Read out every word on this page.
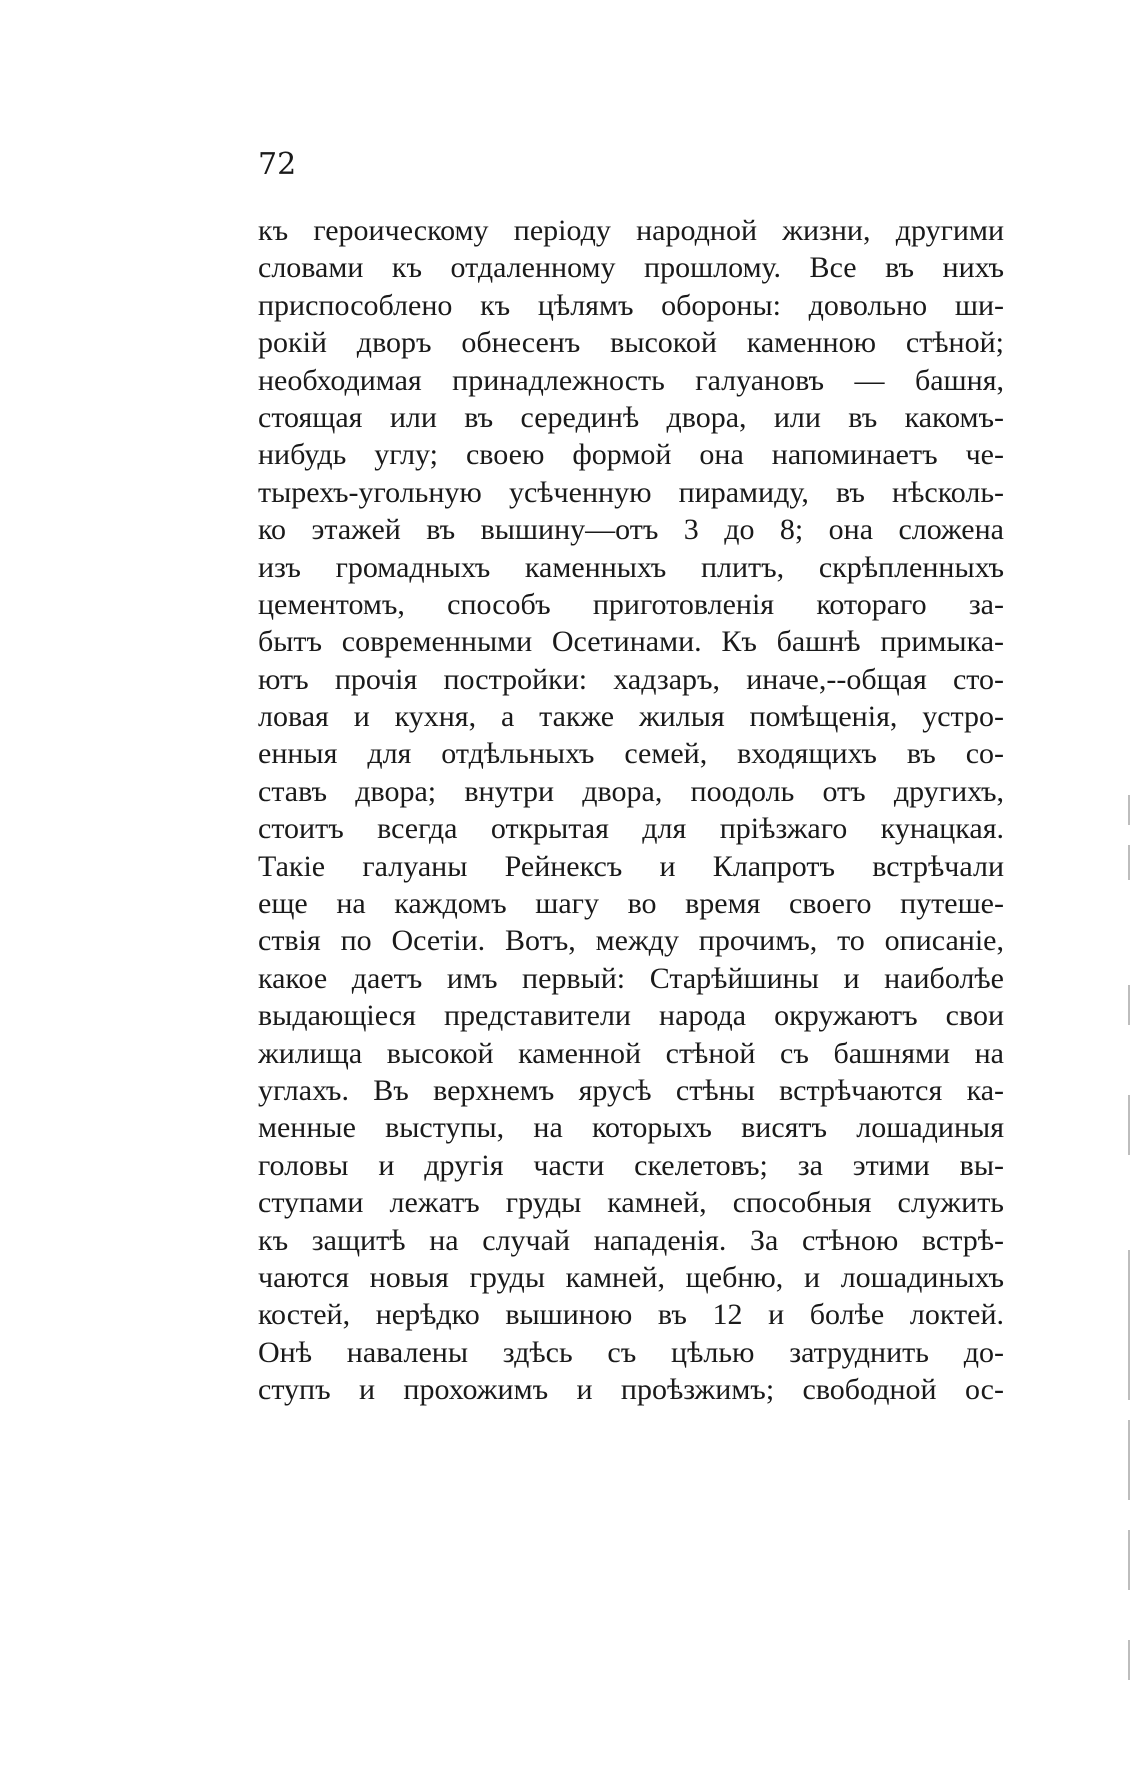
72
къ героическому періоду народной жизни, другими
словами къ отдаленному прошлому. Все въ нихъ
приспособлено къ цѣлямъ обороны: довольно ши-
рокій дворъ обнесенъ высокой каменною стѣной;
необходимая принадлежность галуановъ — башня,
стоящая или въ серединѣ двора, или въ какомъ-
нибудь углу; своею формой она напоминаетъ че-
тырехъ-угольную усѣченную пирамиду, въ нѣсколь-
ко этажей въ вышину—отъ 3 до 8; она сложена
изъ громадныхъ каменныхъ плитъ, скрѣпленныхъ
цементомъ, способъ приготовленія котораго за-
бытъ современными Осетинами. Къ башнѣ примыка-
ютъ прочія постройки: хадзаръ, иначе,--общая сто-
ловая и кухня, а также жилыя помѣщенія, устро-
енныя для отдѣльныхъ семей, входящихъ въ со-
ставъ двора; внутри двора, поодоль отъ другихъ,
стоитъ всегда открытая для пріѣзжаго кунацкая.
Такіе галуаны Рейнексъ и Клапротъ встрѣчали
еще на каждомъ шагу во время своего путеше-
ствія по Осетіи. Вотъ, между прочимъ, то описаніе,
какое даетъ имъ первый: Старѣйшины и наиболѣе
выдающіеся представители народа окружаютъ свои
жилища высокой каменной стѣной съ башнями на
углахъ. Въ верхнемъ ярусѣ стѣны встрѣчаются ка-
менные выступы, на которыхъ висятъ лошадиныя
головы и другія части скелетовъ; за этими вы-
ступами лежатъ груды камней, способныя служить
къ защитѣ на случай нападенія. За стѣною встрѣ-
чаются новыя груды камней, щебню, и лошадиныхъ
костей, нерѣдко вышиною въ 12 и болѣе локтей.
Онѣ навалены здѣсь съ цѣлью затруднить до-
ступъ и прохожимъ и проѣзжимъ; свободной ос-
